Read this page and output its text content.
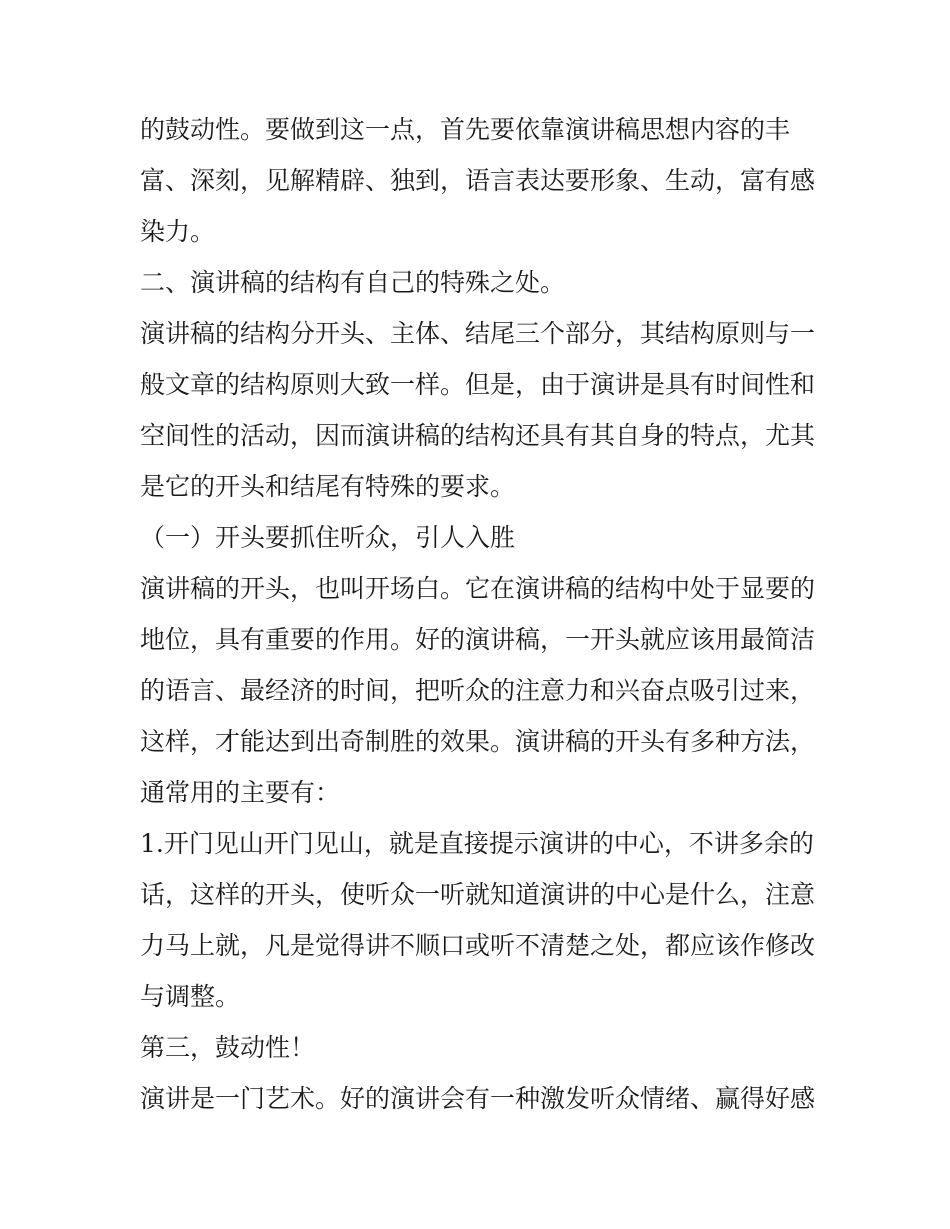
的鼓动性。要做到这一点，首先要依靠演讲稿思想内容的丰
富、深刻，见解精辟、独到，语言表达要形象、生动，富有感
染力。
二、演讲稿的结构有自己的特殊之处。
演讲稿的结构分开头、主体、结尾三个部分，其结构原则与一
般文章的结构原则大致一样。但是，由于演讲是具有时间性和
空间性的活动，因而演讲稿的结构还具有其自身的特点，尤其
是它的开头和结尾有特殊的要求。
（一）开头要抓住听众，引人入胜
演讲稿的开头，也叫开场白。它在演讲稿的结构中处于显要的
地位，具有重要的作用。好的演讲稿，一开头就应该用最简洁
的语言、最经济的时间，把听众的注意力和兴奋点吸引过来，
这样，才能达到出奇制胜的效果。演讲稿的开头有多种方法，
通常用的主要有：
1.开门见山开门见山，就是直接提示演讲的中心，不讲多余的
话，这样的开头，使听众一听就知道演讲的中心是什么，注意
力马上就，凡是觉得讲不顺口或听不清楚之处，都应该作修改
与调整。
第三，鼓动性！
演讲是一门艺术。好的演讲会有一种激发听众情绪、赢得好感
